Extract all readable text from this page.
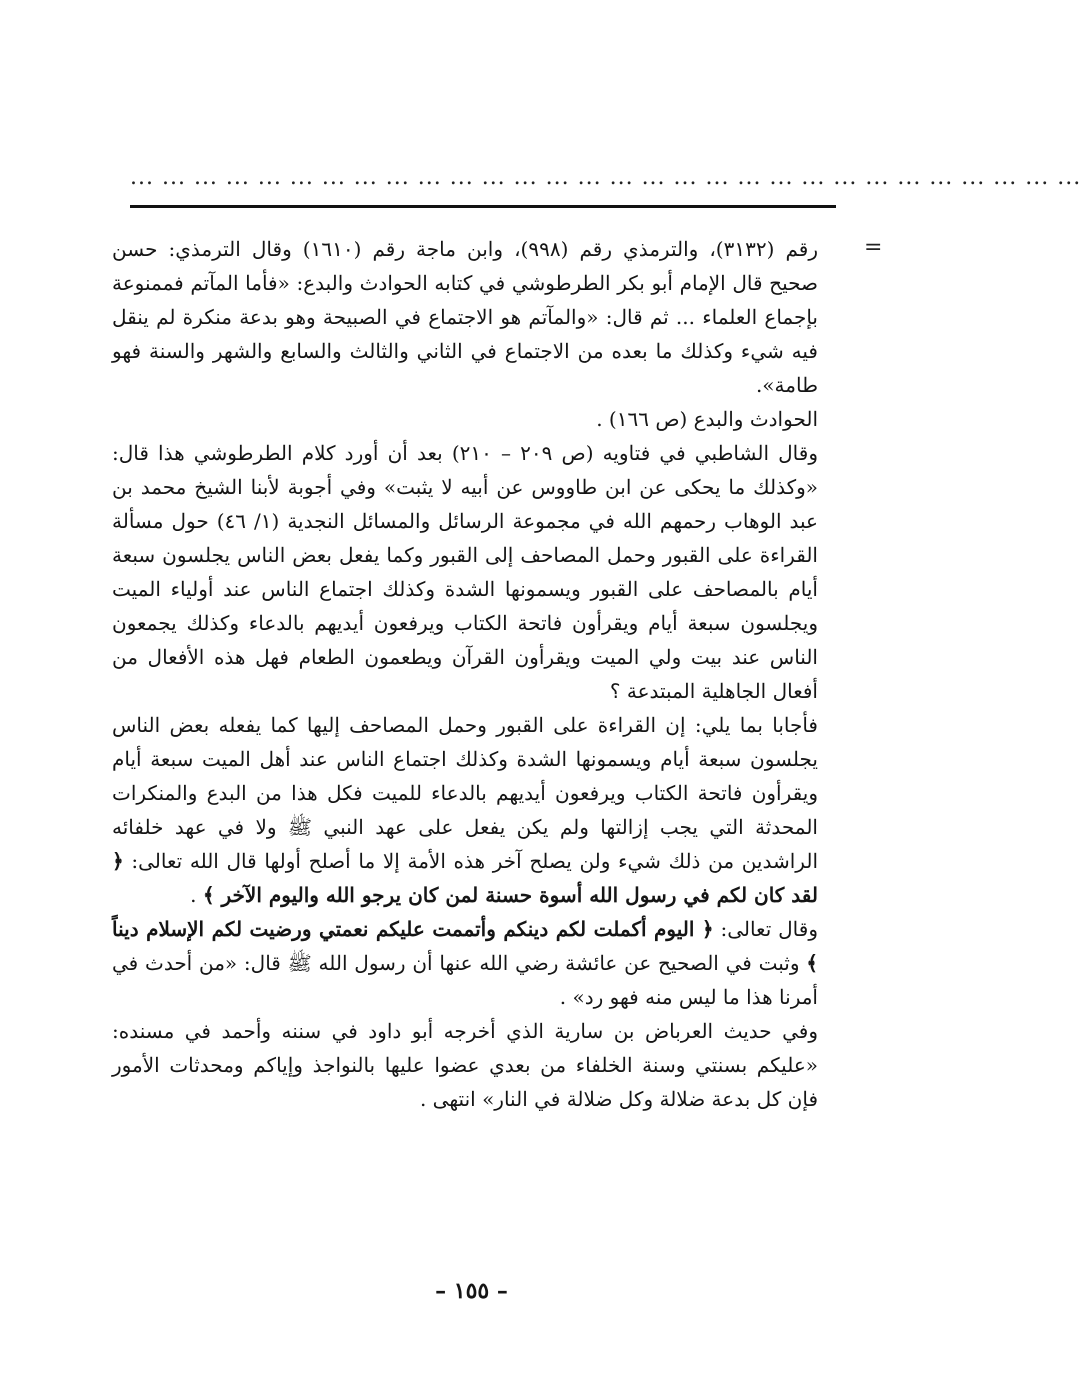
... ... ... ... ... ... ... ... ... ... ... ... ... ... ... ... ... ... ... ... ... ... ... ... ... ... ... ... ... ...
=

رقم (٣١٣٢)، والترمذي رقم (٩٩٨)، وابن ماجة رقم (١٦١٠) وقال الترمذي: حسن صحيح قال الإمام أبو بكر الطرطوشي في كتابه الحوادث والبدع: «فأما المآتم فممنوعة بإجماع العلماء ... ثم قال: «والمآتم هو الاجتماع في الصبيحة وهو بدعة منكرة لم ينقل فيه شيء وكذلك ما بعده من الاجتماع في الثاني والثالث والسابع والشهر والسنة فهو طامة».

الحوادث والبدع (ص ١٦٦) .

وقال الشاطبي في فتاويه (ص ٢٠٩ – ٢١٠) بعد أن أورد كلام الطرطوشي هذا قال: «وكذلك ما يحكى عن ابن طاووس عن أبيه لا يثبت» وفي أجوبة لأبنا الشيخ محمد بن عبد الوهاب رحمهم الله في مجموعة الرسائل والمسائل النجدية (١/ ٤٦) حول مسألة القراءة على القبور وحمل المصاحف إلى القبور وكما يفعل بعض الناس يجلسون سبعة أيام بالمصاحف على القبور ويسمونها الشدة وكذلك اجتماع الناس عند أولياء الميت ويجلسون سبعة أيام ويقرأون فاتحة الكتاب ويرفعون أيديهم بالدعاء وكذلك يجمعون الناس عند بيت ولي الميت ويقرأون القرآن ويطعمون الطعام فهل هذه الأفعال من أفعال الجاهلية المبتدعة ؟

فأجابا بما يلي: إن القراءة على القبور وحمل المصاحف إليها كما يفعله بعض الناس يجلسون سبعة أيام ويسمونها الشدة وكذلك اجتماع الناس عند أهل الميت سبعة أيام ويقرأون فاتحة الكتاب ويرفعون أيديهم بالدعاء للميت فكل هذا من البدع والمنكرات المحدثة التي يجب إزالتها ولم يكن يفعل على عهد النبي ﷺ ولا في عهد خلفائه الراشدين من ذلك شيء ولن يصلح آخر هذه الأمة إلا ما أصلح أولها قال الله تعالى: ﴿ لقد كان لكم في رسول الله أسوة حسنة لمن كان يرجو الله واليوم الآخر ﴾ .

وقال تعالى: ﴿ اليوم أكملت لكم دينكم وأتممت عليكم نعمتي ورضيت لكم الإسلام ديناً ﴾ وثبت في الصحيح عن عائشة رضي الله عنها أن رسول الله ﷺ قال: «من أحدث في أمرنا هذا ما ليس منه فهو رد» .

وفي حديث العرباض بن سارية الذي أخرجه أبو داود في سننه وأحمد في مسنده: «عليكم بسنتي وسنة الخلفاء من بعدي عضوا عليها بالنواجذ وإياكم ومحدثات الأمور فإن كل بدعة ضلالة وكل ضلالة في النار» انتهى .

– ١٥٥ –
